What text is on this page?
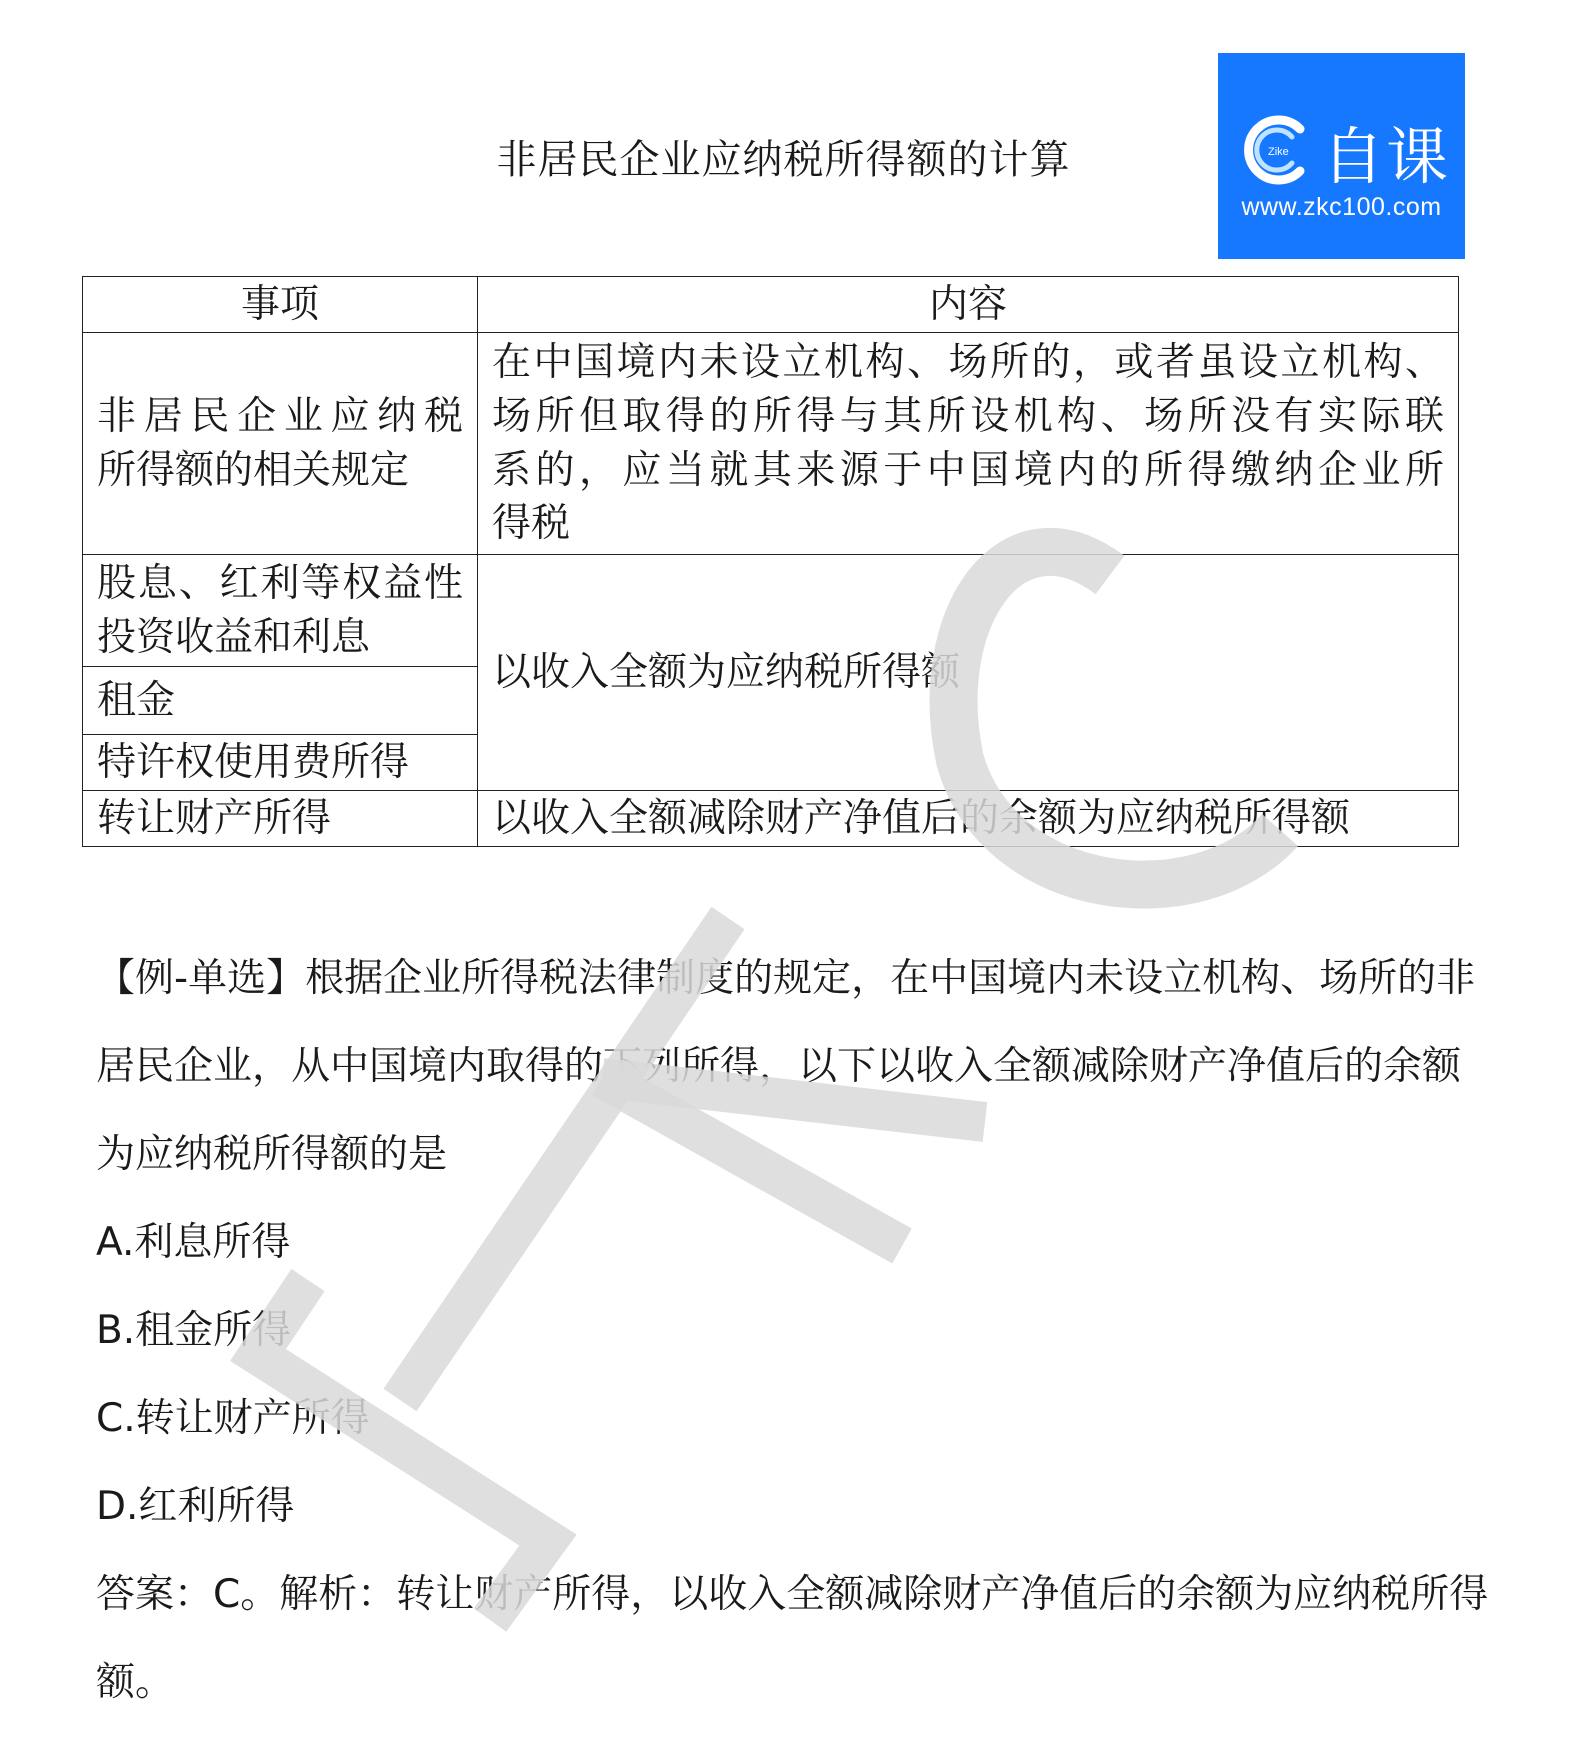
非居民企业应纳税所得额的计算	Zike 自课
www.zkc100.com
事项	内容

非居民企业应纳税
所得额的相关规定	在中国境内未设立机构、场所的，或者虽设立机构、
场所但取得的所得与其所设机构、场所没有实际联
系的，应当就其来源于中国境内的所得缴纳企业所
得税

股息、红利等权益性
投资收益和利息	以收入全额为应纳税所得额
租金	
特许权使用费所得	
转让财产所得	以收入全额减除财产净值后的余额为应纳税所得额

【例-单选】根据企业所得税法律制度的规定，在中国境内未设立机构、场所的非居民企业，从中国境内取得的下列所得，以下以收入全额减除财产净值后的余额为应纳税所得额的是

A.利息所得

B.租金所得

C.转让财产所得

D.红利所得

答案：C。解析：转让财产所得，以收入全额减除财产净值后的余额为应纳税所得额。
